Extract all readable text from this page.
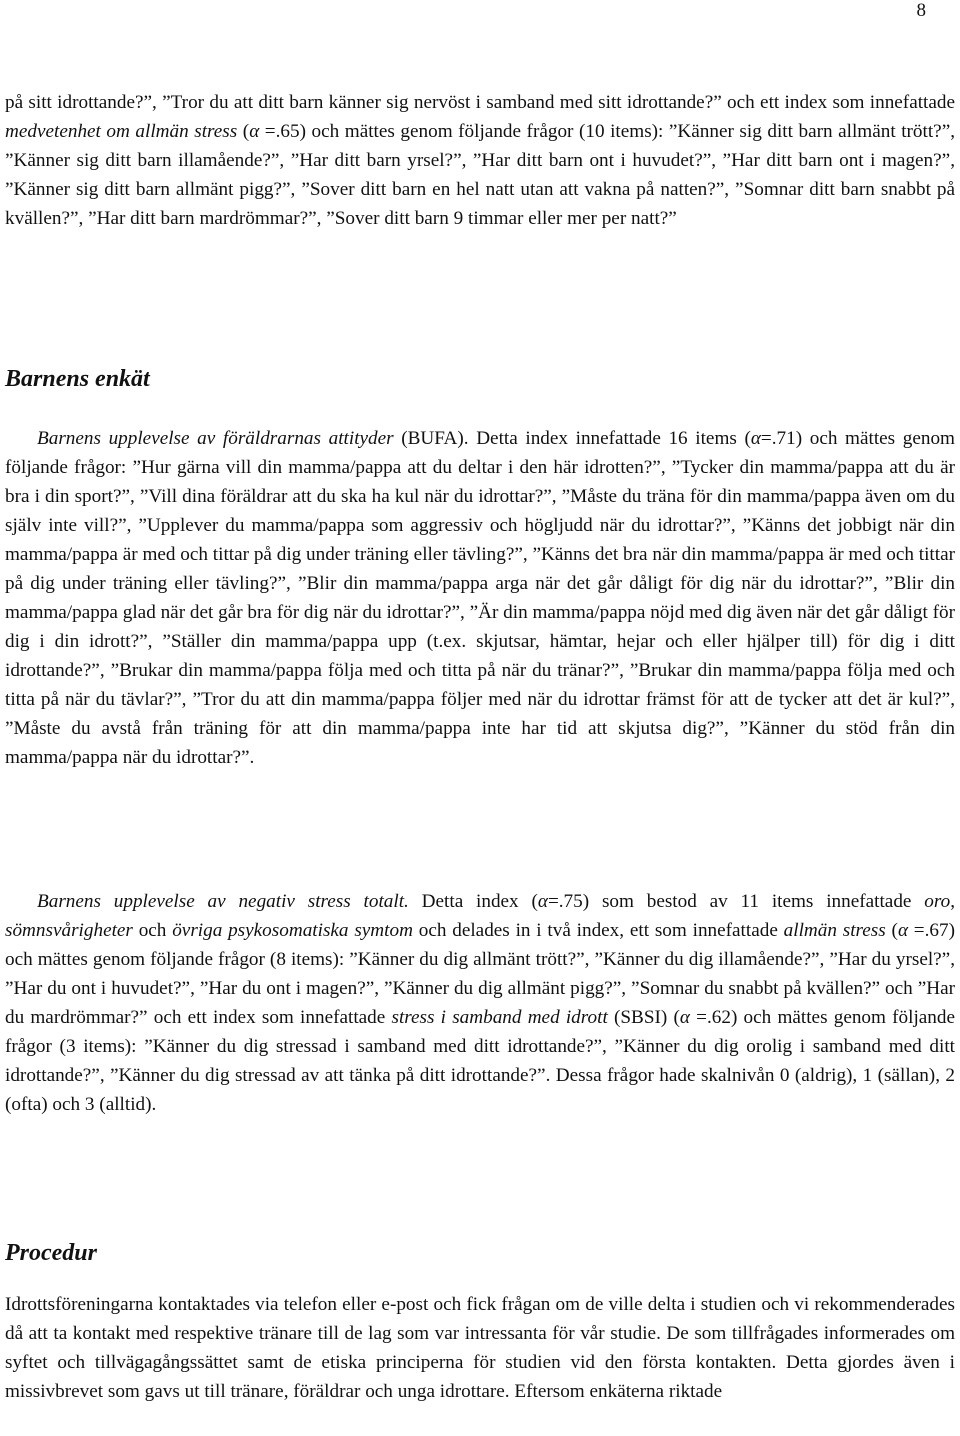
8

på sitt idrottande?”, ”Tror du att ditt barn känner sig nervöst i samband med sitt idrottande?” och ett index som innefattade medvetenhet om allmän stress (α =.65) och mättes genom följande frågor (10 items): ”Känner sig ditt barn allmänt trött?”, ”Känner sig ditt barn illamående?”, ”Har ditt barn yrsel?”, ”Har ditt barn ont i huvudet?”, ”Har ditt barn ont i magen?”, ”Känner sig ditt barn allmänt pigg?”, ”Sover ditt barn en hel natt utan att vakna på natten?”, ”Somnar ditt barn snabbt på kvällen?”, ”Har ditt barn mardrömmar?”, ”Sover ditt barn 9 timmar eller mer per natt?”

Barnens enkät

Barnens upplevelse av föräldrarnas attityder (BUFA). Detta index innefattade 16 items (α=.71) och mättes genom följande frågor: ”Hur gärna vill din mamma/pappa att du deltar i den här idrotten?”, ”Tycker din mamma/pappa att du är bra i din sport?”, ”Vill dina föräldrar att du ska ha kul när du idrottar?”, ”Måste du träna för din mamma/pappa även om du själv inte vill?”, ”Upplever du mamma/pappa som aggressiv och högljudd när du idrottar?”, ”Känns det jobbigt när din mamma/pappa är med och tittar på dig under träning eller tävling?”, ”Känns det bra när din mamma/pappa är med och tittar på dig under träning eller tävling?”, ”Blir din mamma/pappa arga när det går dåligt för dig när du idrottar?”, ”Blir din mamma/pappa glad när det går bra för dig när du idrottar?”, ”Är din mamma/pappa nöjd med dig även när det går dåligt för dig i din idrott?”, ”Ställer din mamma/pappa upp (t.ex. skjutsar, hämtar, hejar och eller hjälper till) för dig i ditt idrottande?”, ”Brukar din mamma/pappa följa med och titta på när du tränar?”, ”Brukar din mamma/pappa följa med och titta på när du tävlar?”, ”Tror du att din mamma/pappa följer med när du idrottar främst för att de tycker att det är kul?”, ”Måste du avstå från träning för att din mamma/pappa inte har tid att skjutsa dig?”, ”Känner du stöd från din mamma/pappa när du idrottar?”.

Barnens upplevelse av negativ stress totalt. Detta index (α=.75) som bestod av 11 items innefattade oro, sömnsvårigheter och övriga psykosomatiska symtom och delades in i två index, ett som innefattade allmän stress (α =.67) och mättes genom följande frågor (8 items): ”Känner du dig allmänt trött?”, ”Känner du dig illamående?”, ”Har du yrsel?”, ”Har du ont i huvudet?”, ”Har du ont i magen?”, ”Känner du dig allmänt pigg?”, ”Somnar du snabbt på kvällen?” och ”Har du mardrömmar?” och ett index som innefattade stress i samband med idrott (SBSI) (α =.62) och mättes genom följande frågor (3 items): ”Känner du dig stressad i samband med ditt idrottande?”, ”Känner du dig orolig i samband med ditt idrottande?”, ”Känner du dig stressad av att tänka på ditt idrottande?”. Dessa frågor hade skalnivån 0 (aldrig), 1 (sällan), 2 (ofta) och 3 (alltid).

Procedur

Idrottsföreningarna kontaktades via telefon eller e-post och fick frågan om de ville delta i studien och vi rekommenderades då att ta kontakt med respektive tränare till de lag som var intressanta för vår studie. De som tillfrågades informerades om syftet och tillvägagångssättet samt de etiska principerna för studien vid den första kontakten. Detta gjordes även i missivbrevet som gavs ut till tränare, föräldrar och unga idrottare. Eftersom enkäterna riktade
